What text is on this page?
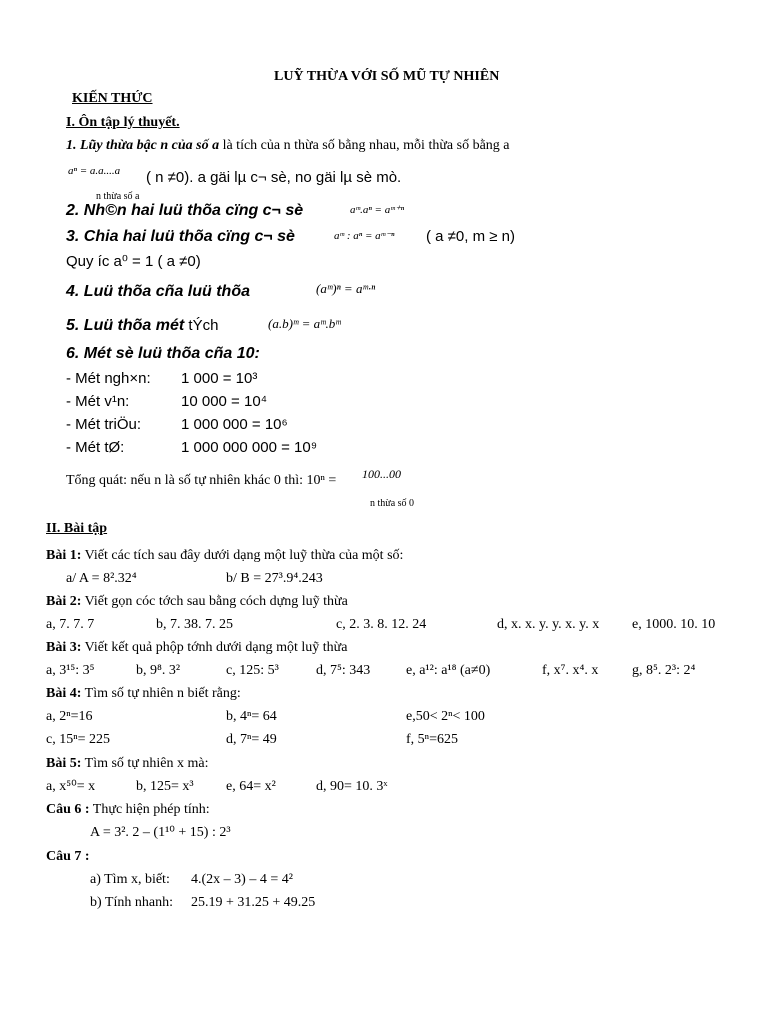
LUỸ THỪA VỚI SỐ MŨ TỰ NHIÊN
KIẾN THỨC
I. Ôn tập lý thuyết.
1. Lũy thừa bậc n của số a là tích của n thừa số bằng nhau, mỗi thừa số bằng a
aⁿ = a.a....a ( n ≠0). a gäi lµ c¬ sè, no gäi lµ sè mò.
n thừa số a
2. Nh©n hai luü thõa cïng c¬ sè	aᵐ.aⁿ = aᵐ⁺ⁿ
3. Chia hai luü thõa cïng c¬ sè	aᵐ : aⁿ = aᵐ⁻ⁿ ( a ≠0, m ≥ n)
Quy íc a⁰ = 1 ( a ≠0)
4. Luü thõa cña luü thõa	(aᵐ)ⁿ = aᵐ·ⁿ
5. Luü thõa mét tÝch	(a.b)ᵐ = aᵐ.bᵐ
6. Mét sè luü thõa cña 10:
- Mét ngh×n: 1 000 = 10³
- Mét v¹n:	10 000 = 10⁴
- Mét triÖu:	1 000 000 = 10⁶
- Mét tØ:	1 000 000 000 = 10⁹
Tổng quát: nếu n là số tự nhiên khác 0 thì: 10ⁿ = 100...00
n thừa số 0
II. Bài tập
Bài 1: Viết các tích sau đây dưới dạng một luỹ thừa của một số:
a/ A = 8².32⁴	b/ B = 27³.9⁴.243
Bài 2: Viết gọn cóc tớch sau bằng cóch dựng luỹ thừa
a, 7. 7. 7	b, 7. 38. 7. 25	c, 2. 3. 8. 12. 24	d, x. x. y. y. x. y. x e, 1000. 10. 10
Bài 3: Viết kết quả phộp tớnh dưới dạng một luỹ thừa
a, 3¹⁵: 3⁵	b, 9⁸. 3²	c, 125: 5³	d, 7⁵: 343	e, a¹²: a¹⁸ (a≠0)	f, x⁷. x⁴. x g, 8⁵. 2³: 2⁴
Bài 4: Tìm số tự nhiên n biết rằng:
a, 2ⁿ=16	b, 4ⁿ= 64	e,50< 2ⁿ< 100
c, 15ⁿ= 225	d, 7ⁿ= 49	f, 5ⁿ=625
Bài 5: Tìm số tự nhiên x mà:
a, x⁵⁰= x	b, 125= x³ e, 64= x²	d, 90= 10. 3ˣ
Câu 6 : Thực hiện phép tính:
A = 3². 2 – (1¹⁰ + 15) : 2³
Câu 7 :
a) Tìm x, biết: 4.(2x – 3) – 4 = 4²
b) Tính nhanh: 25.19 + 31.25 + 49.25
